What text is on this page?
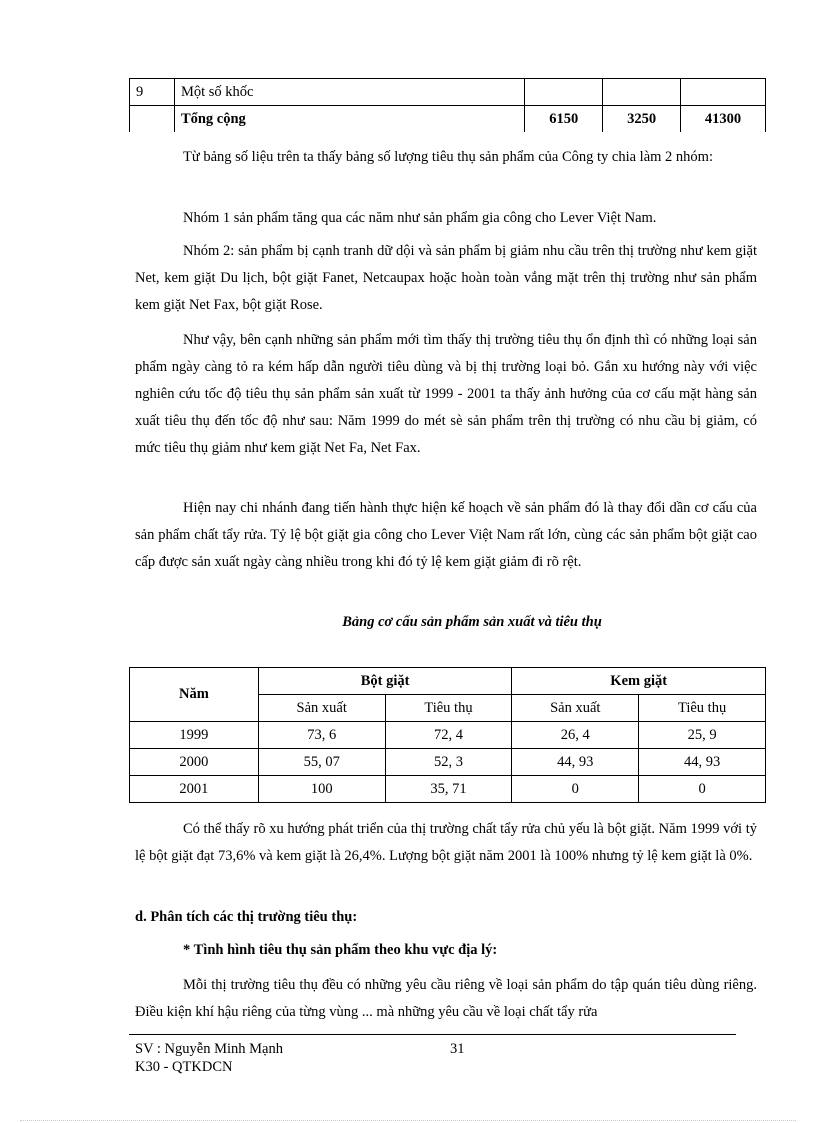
9	Một số khốc			
	Tổng cộng	6150	3250	41300

Từ bảng số liệu trên ta thấy bảng số lượng tiêu thụ sản phẩm của Công ty chia làm 2 nhóm:

Nhóm 1 sản phẩm tăng qua các năm như sản phẩm gia công cho Lever Việt Nam.

Nhóm 2: sản phẩm bị cạnh tranh dữ dội và sản phẩm bị giảm nhu cầu trên thị trường như kem giặt Net, kem giặt Du lịch, bột giặt Fanet, Netcaupax hoặc hoàn toàn vắng mặt trên thị trường như sản phẩm kem giặt Net Fax, bột giặt Rose.

Như vậy, bên cạnh những sản phẩm mới tìm thấy thị trường tiêu thụ ổn định thì có những loại sản phẩm ngày càng tỏ ra kém hấp dẫn người tiêu dùng và bị thị trường loại bỏ. Gắn xu hướng này với việc nghiên cứu tốc độ tiêu thụ sản phẩm sản xuất từ 1999 - 2001 ta thấy ảnh hưởng của cơ cấu mặt hàng sản xuất tiêu thụ đến tốc độ như sau: Năm 1999 do mét sè sản phẩm trên thị trường có nhu cầu bị giảm, có mức tiêu thụ giảm như kem giặt Net Fa, Net Fax.

Hiện nay chi nhánh đang tiến hành thực hiện kế hoạch về sản phẩm đó là thay đổi dần cơ cấu của sản phẩm chất tẩy rửa. Tỷ lệ bột giặt gia công cho Lever Việt Nam rất lớn, cùng các sản phẩm bột giặt cao cấp được sản xuất ngày càng nhiều trong khi đó tỷ lệ kem giặt giảm đi rõ rệt.

Bảng cơ cấu sản phẩm sản xuất và tiêu thụ
Năm	Bột giặt		Kem giặt	
	Sản xuất	Tiêu thụ	Sản xuất	Tiêu thụ
1999	73, 6	72, 4	26, 4	25, 9
2000	55, 07	52, 3	44, 93	44, 93
2001	100	35, 71	0	0

Có thể thấy rõ xu hướng phát triển của thị trường chất tẩy rửa chủ yếu là bột giặt. Năm 1999 với tỷ lệ bột giặt đạt 73,6% và kem giặt là 26,4%. Lượng bột giặt năm 2001 là 100% nhưng tỷ lệ kem giặt là 0%.

d. Phân tích các thị trường tiêu thụ:

* Tình hình tiêu thụ sản phẩm theo khu vực địa lý:

Mỗi thị trường tiêu thụ đều có những yêu cầu riêng về loại sản phẩm do tập quán tiêu dùng riêng. Điều kiện khí hậu riêng của từng vùng ... mà những yêu cầu về loại chất tẩy rửa

SV : Nguyễn Minh Mạnh	31
K30 - QTKDCN
